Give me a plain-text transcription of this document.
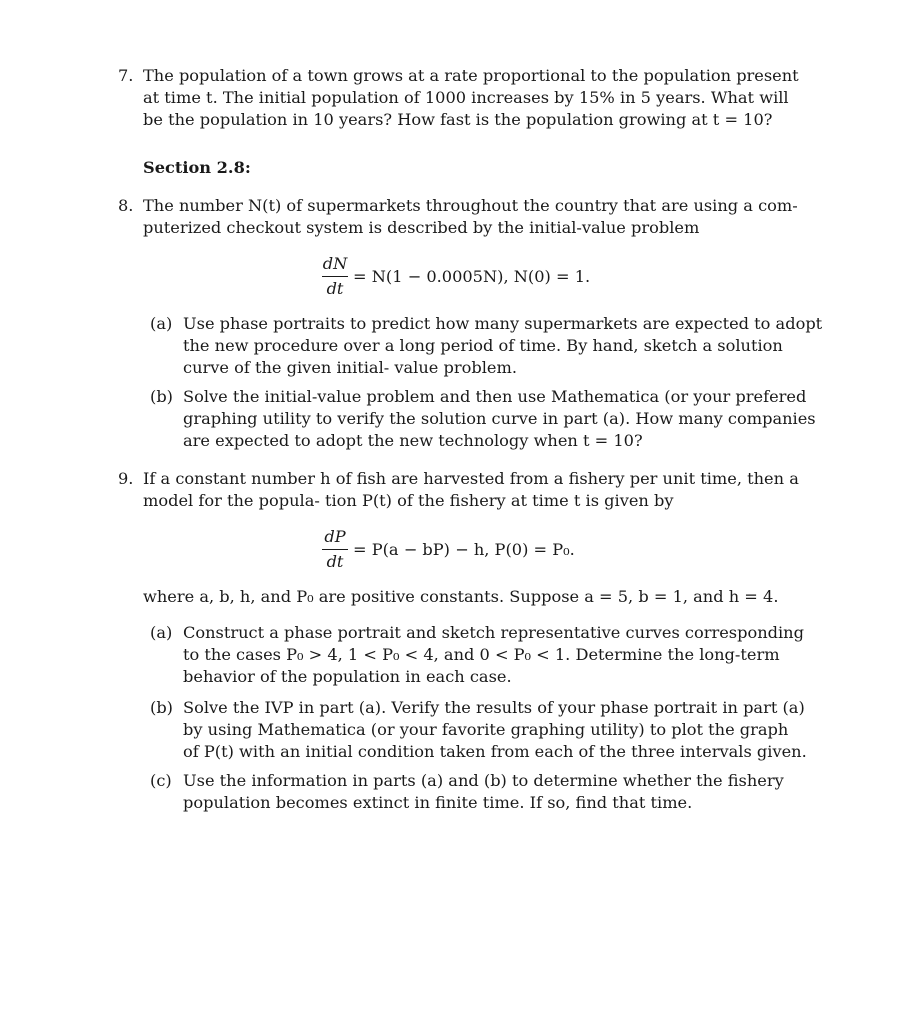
7. The population of a town grows at a rate proportional to the population present
at time t. The initial population of 1000 increases by 15% in 5 years. What will
be the population in 10 years? How fast is the population growing at t = 10?
Section 2.8:
8. The number N(t) of supermarkets throughout the country that are using a com-
puterized checkout system is described by the initial-value problem
dN
dt
= N(1 − 0.0005N), N(0) = 1.
(a) Use phase portraits to predict how many supermarkets are expected to adopt
the new procedure over a long period of time. By hand, sketch a solution
curve of the given initial- value problem.
(b) Solve the initial-value problem and then use Mathematica (or your prefered
graphing utility to verify the solution curve in part (a). How many companies
are expected to adopt the new technology when t = 10?
9. If a constant number h of fish are harvested from a fishery per unit time, then a
model for the popula- tion P(t) of the fishery at time t is given by
dP
dt
= P(a − bP) − h, P(0) = P₀.
where a, b, h, and P₀ are positive constants. Suppose a = 5, b = 1, and h = 4.
(a) Construct a phase portrait and sketch representative curves corresponding
to the cases P₀ > 4, 1 < P₀ < 4, and 0 < P₀ < 1. Determine the long-term
behavior of the population in each case.
(b) Solve the IVP in part (a). Verify the results of your phase portrait in part (a)
by using Mathematica (or your favorite graphing utility) to plot the graph
of P(t) with an initial condition taken from each of the three intervals given.
(c) Use the information in parts (a) and (b) to determine whether the fishery
population becomes extinct in finite time. If so, find that time.
